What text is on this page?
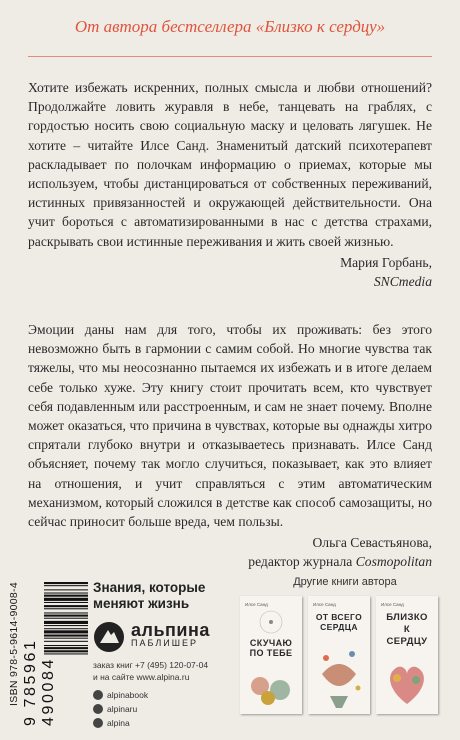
От автора бестселлера «Близко к сердцу»

Хотите избежать искренних, полных смысла и любви отношений? Продолжайте ловить журавля в небе, танцевать на граблях, с гордостью носить свою социальную маску и целовать лягушек. Не хотите – читайте Илсе Санд. Знаменитый датский психотерапевт раскладывает по полочкам информацию о приемах, которые мы используем, чтобы дистанцироваться от собственных переживаний, истинных привязанностей и окружающей действительности. Она учит бороться с автоматизированными в нас с детства страхами, раскрывать свои истинные переживания и жить своей жизнью.

Мария Горбань,
SNCmedia

Эмоции даны нам для того, чтобы их проживать: без этого невозможно быть в гармонии с самим собой. Но многие чувства так тяжелы, что мы неосознанно пытаемся их избежать и в итоге делаем себе только хуже. Эту книгу стоит прочитать всем, кто чувствует себя подавленным или расстроенным, и сам не знает почему. Вполне может оказаться, что причина в чувствах, которые вы однажды хитро спрятали глубоко внутри и отказываетесь признавать. Илсе Санд объясняет, почему так могло случиться, показывает, как это влияет на отношения, и учит справляться с этим автоматическим механизмом, который сложился в детстве как способ самозащиты, но сейчас приносит больше вреда, чем пользы.

Ольга Севастьянова,
редактор журнала Cosmopolitan
ISBN 978-5-9614-9008-4 9 785961 490084
Знания, которые
меняют жизнь
альпина
ПАБЛИШЕР
заказ книг +7 (495) 120-07-04
и на сайте www.alpina.ru
alpinabook
alpinaru
alpina
Другие книги автора
Илсе Санд
СКУЧАЮ
ПО ТЕБЕ
Илсе Санд
ОТ ВСЕГО
СЕРДЦА
Илсе Санд
БЛИЗКО
К
СЕРДЦУ
